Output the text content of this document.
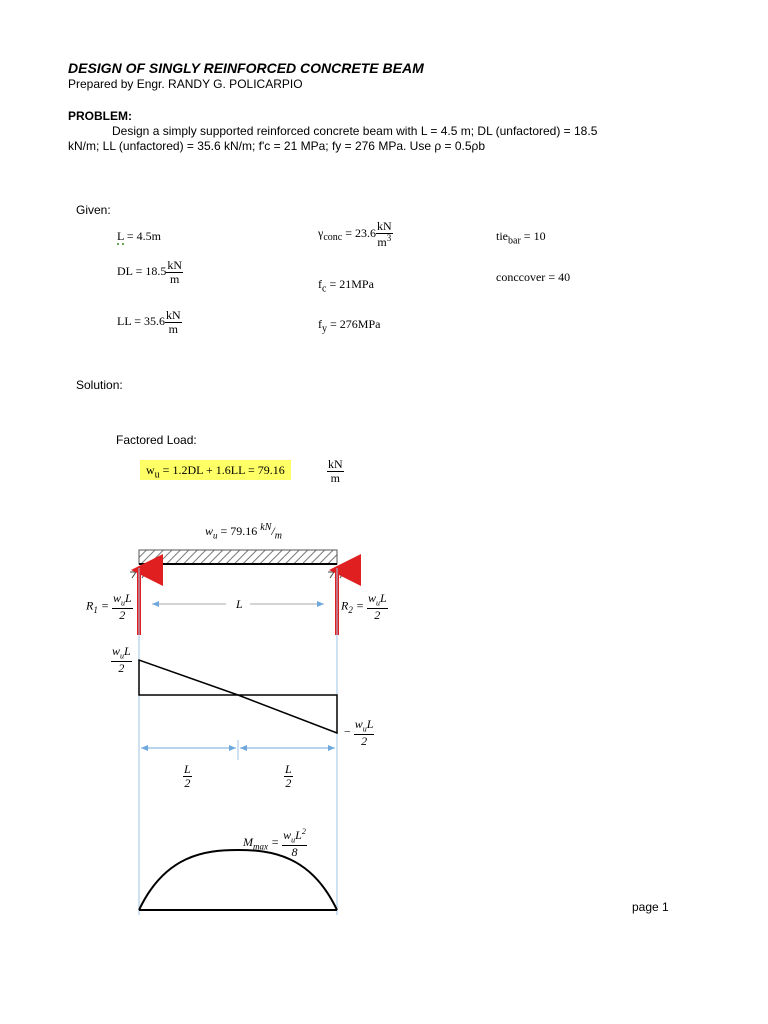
DESIGN OF SINGLY REINFORCED CONCRETE BEAM
Prepared by Engr. RANDY G. POLICARPIO
PROBLEM:
Design a simply supported reinforced concrete beam with L = 4.5 m; DL (unfactored) = 18.5
kN/m; LL (unfactored) = 35.6 kN/m; f'c = 21 MPa; fy = 276 MPa. Use ρ = 0.5ρb
Given:
L = 4.5m
DL = $18.5 \frac{kN}{m}$
LL = $35.6 \frac{kN}{m}$
$\gamma_{conc} = 23.6 \frac{kN}{m^3}$
$f_c = 21MPa$
$f_y = 276MPa$
tie$_{bar}$ = 10
conccover = 40
Solution:
Factored Load:
$w_u = 1.2DL + 1.6LL = 79.16$	$\frac{kN}{m}$
$w_u = 79.16$ $^{kN}/_m$
$R_1 = \frac{w_uL}{2}$	L	$R_2 = \frac{w_uL}{2}$
$\frac{w_uL}{2}$
− $\frac{w_uL}{2}$
$\frac{L}{2}$	$\frac{L}{2}$
$M_{max} = \frac{w_uL^2}{8}$
page 1
